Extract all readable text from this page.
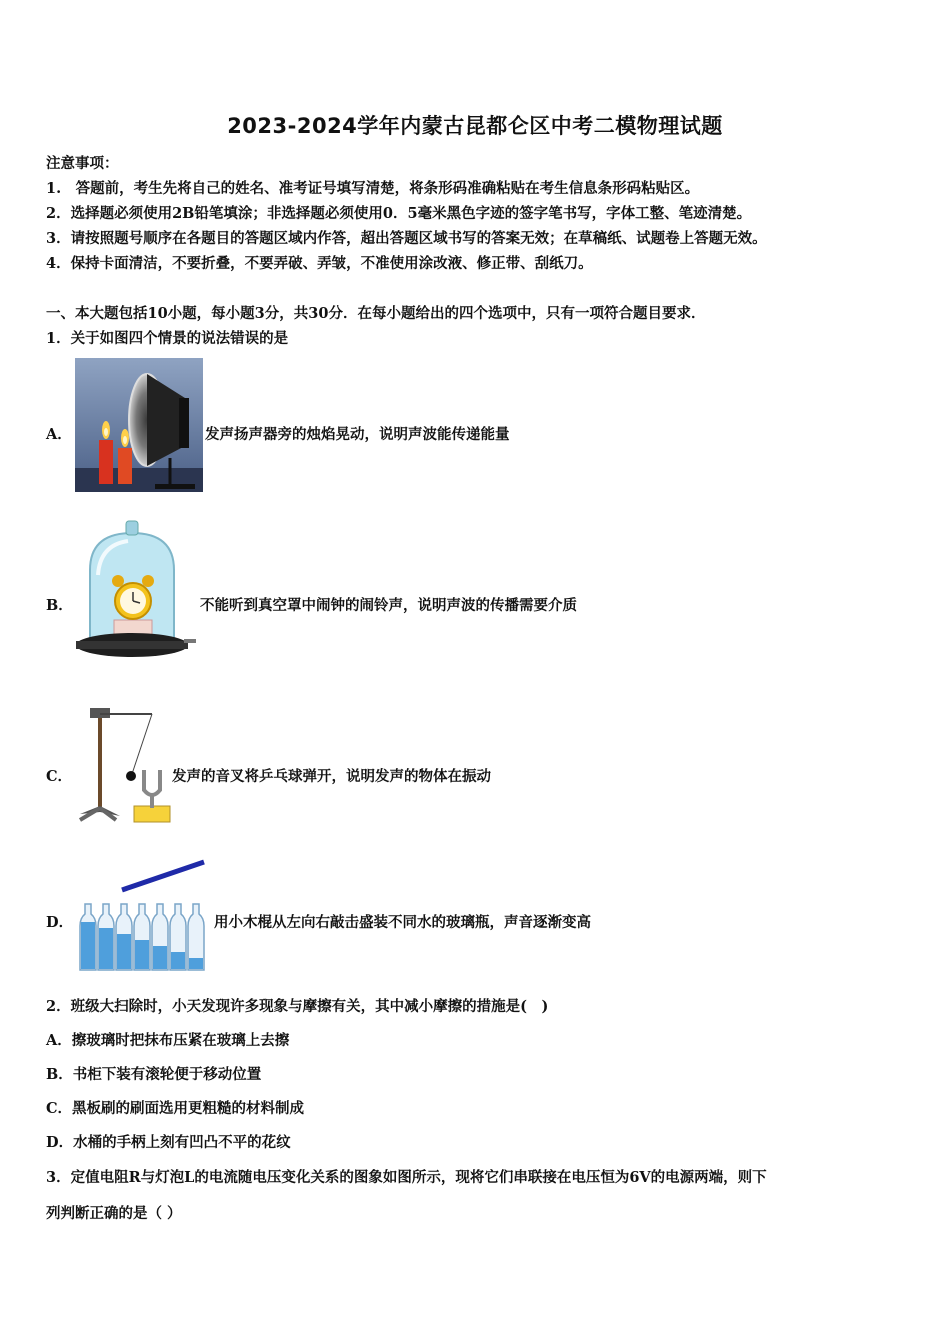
2023-2024学年内蒙古昆都仑区中考二模物理试题
注意事项：
1.　答题前，考生先将自己的姓名、准考证号填写清楚，将条形码准确粘贴在考生信息条形码粘贴区。
2．选择题必须使用2B铅笔填涂；非选择题必须使用0．5毫米黑色字迹的签字笔书写，字体工整、笔迹清楚。
3．请按照题号顺序在各题目的答题区域内作答，超出答题区域书写的答案无效；在草稿纸、试题卷上答题无效。
4．保持卡面清洁，不要折叠，不要弄破、弄皱，不准使用涂改液、修正带、刮纸刀。
一、本大题包括10小题，每小题3分，共30分．在每小题给出的四个选项中，只有一项符合题目要求．
1．关于如图四个情景的说法错误的是
A．	发声扬声器旁的烛焰晃动，说明声波能传递能量
B．	不能听到真空罩中闹钟的闹铃声，说明声波的传播需要介质
C．	发声的音叉将乒乓球弹开，说明发声的物体在振动
D．	用小木棍从左向右敲击盛装不同水的玻璃瓶，声音逐渐变高
2．班级大扫除时，小天发现许多现象与摩擦有关，其中减小摩擦的措施是(　)
A．擦玻璃时把抹布压紧在玻璃上去擦
B．书柜下装有滚轮便于移动位置
C．黑板刷的刷面选用更粗糙的材料制成
D．水桶的手柄上刻有凹凸不平的花纹
3．定值电阻R与灯泡L的电流随电压变化关系的图象如图所示，现将它们串联接在电压恒为6V的电源两端，则下
列判断正确的是（ ）
